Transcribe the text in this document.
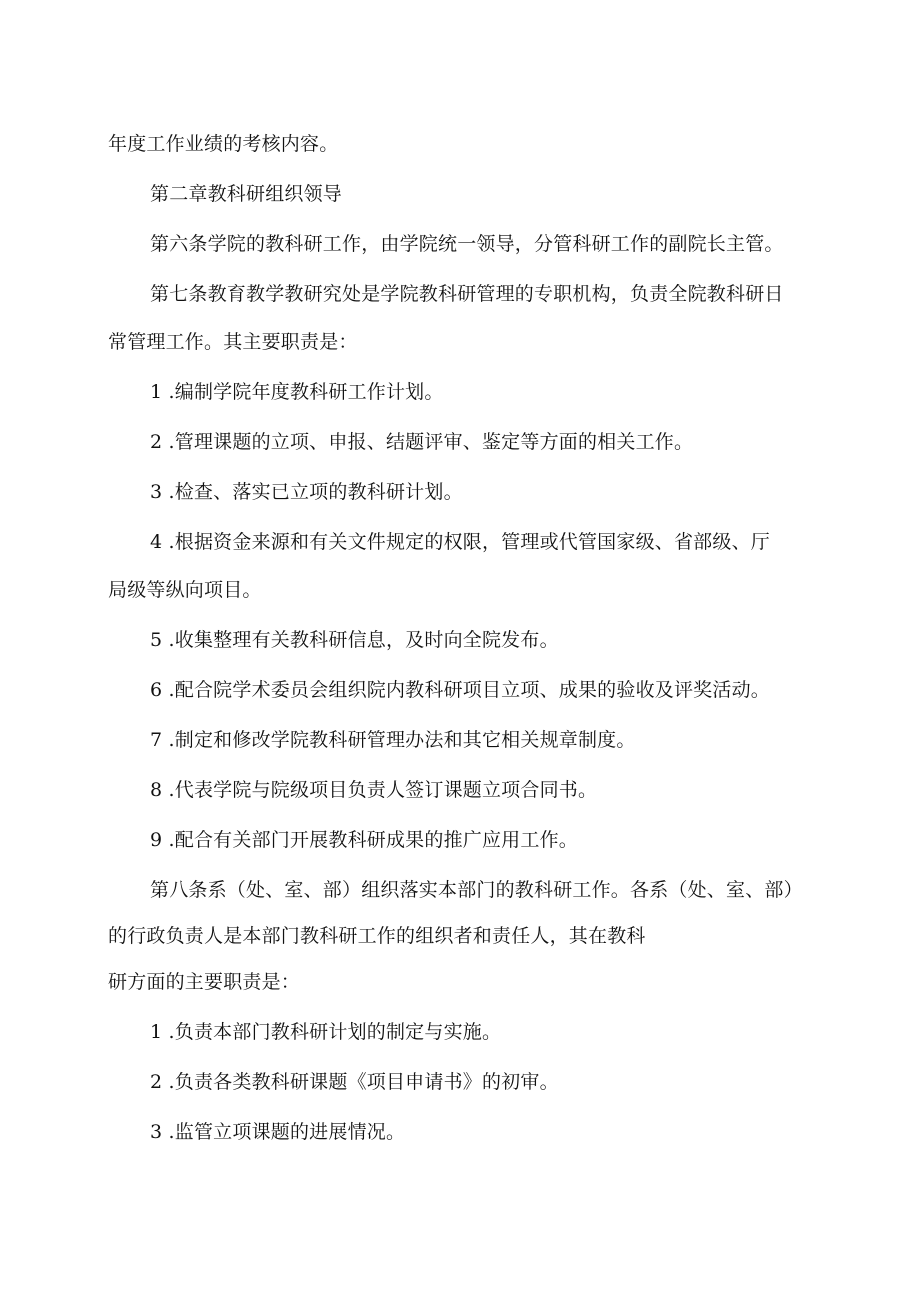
年度工作业绩的考核内容。
第二章教科研组织领导
第六条学院的教科研工作，由学院统一领导，分管科研工作的副院长主管。
第七条教育教学教研究处是学院教科研管理的专职机构，负责全院教科研日
常管理工作。其主要职责是：
1 .编制学院年度教科研工作计划。
2 .管理课题的立项、申报、结题评审、鉴定等方面的相关工作。
3 .检查、落实已立项的教科研计划。
4 .根据资金来源和有关文件规定的权限，管理或代管国家级、省部级、厅
局级等纵向项目。
5 .收集整理有关教科研信息，及时向全院发布。
6 .配合院学术委员会组织院内教科研项目立项、成果的验收及评奖活动。
7 .制定和修改学院教科研管理办法和其它相关规章制度。
8 .代表学院与院级项目负责人签订课题立项合同书。
9 .配合有关部门开展教科研成果的推广应用工作。
第八条系（处、室、部）组织落实本部门的教科研工作。各系（处、室、部）
的行政负责人是本部门教科研工作的组织者和责任人，其在教科
研方面的主要职责是：
1 .负责本部门教科研计划的制定与实施。
2 .负责各类教科研课题《项目申请书》的初审。
3 .监管立项课题的进展情况。
